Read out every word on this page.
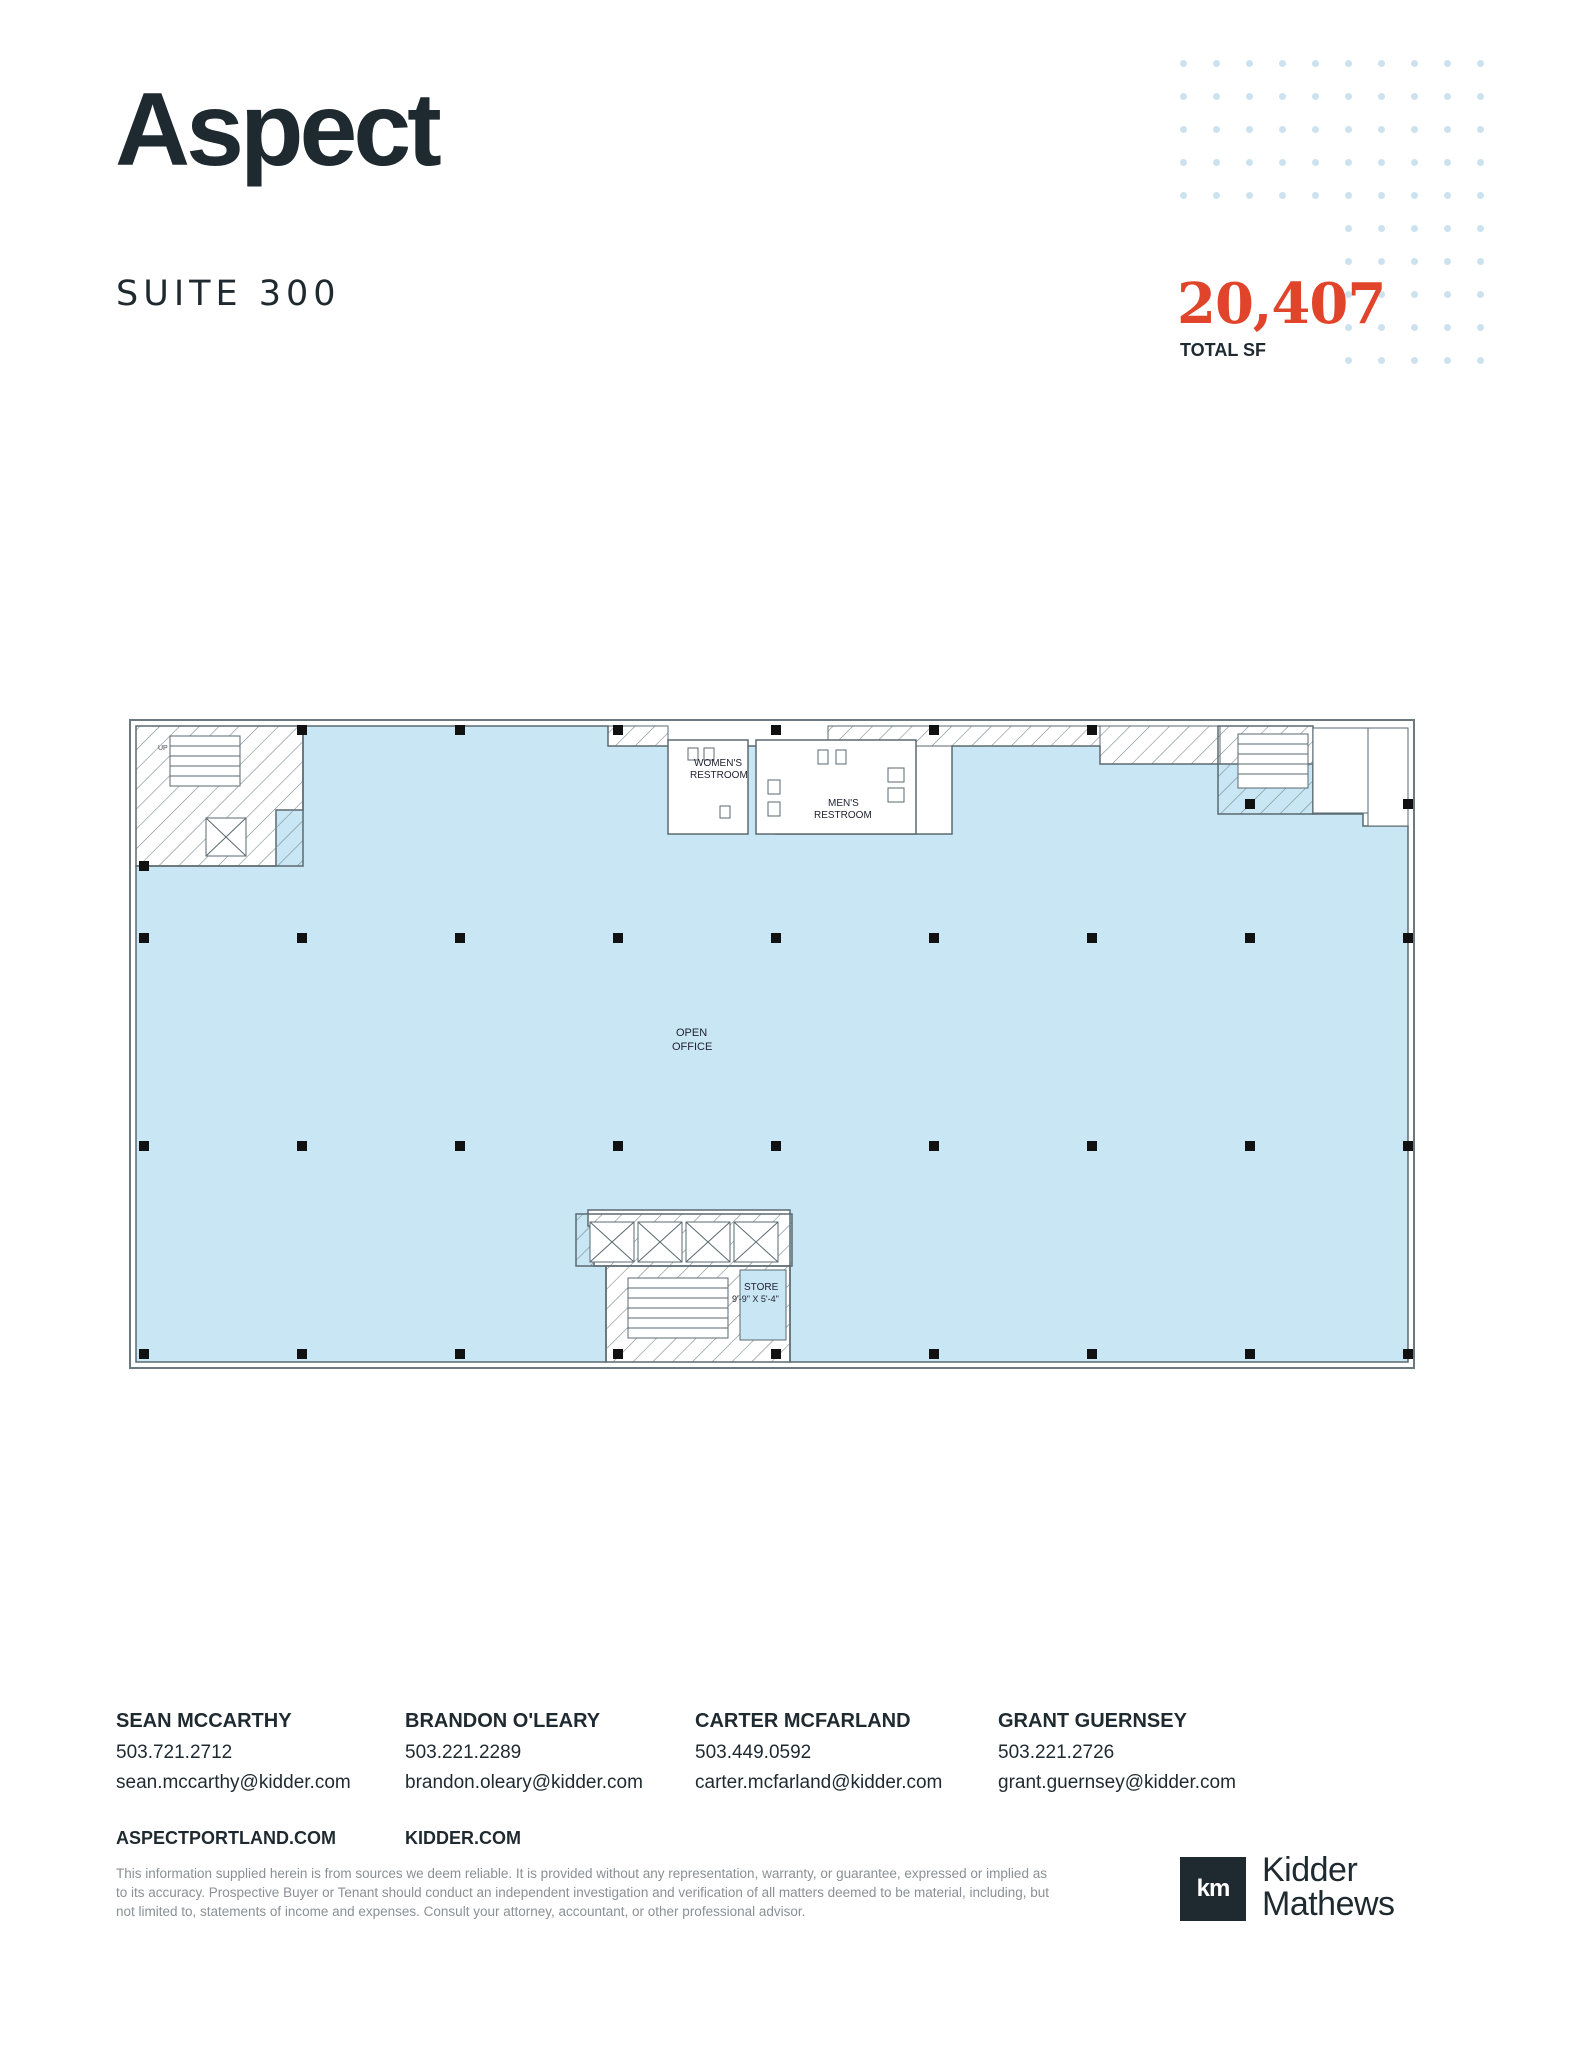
Aspect
SUITE 300	20,407
TOTAL SF
UP
WOMEN'S
RESTROOM
MEN'S
RESTROOM
STORE
9'-9" X 5'-4"
OPEN
OFFICE
SEAN MCCARTHY
503.721.2712
sean.mccarthy@kidder.com
BRANDON O'LEARY
503.221.2289
brandon.oleary@kidder.com
CARTER MCFARLAND
503.449.0592
carter.mcfarland@kidder.com
GRANT GUERNSEY
503.221.2726
grant.guernsey@kidder.com
ASPECTPORTLAND.COM	KIDDER.COM
This information supplied herein is from sources we deem reliable. It is provided without any representation, warranty, or guarantee, expressed or implied as to its accuracy. Prospective Buyer or Tenant should conduct an independent investigation and verification of all matters deemed to be material, including, but not limited to, statements of income and expenses. Consult your attorney, accountant, or other professional advisor.
km Kidder
Mathews
